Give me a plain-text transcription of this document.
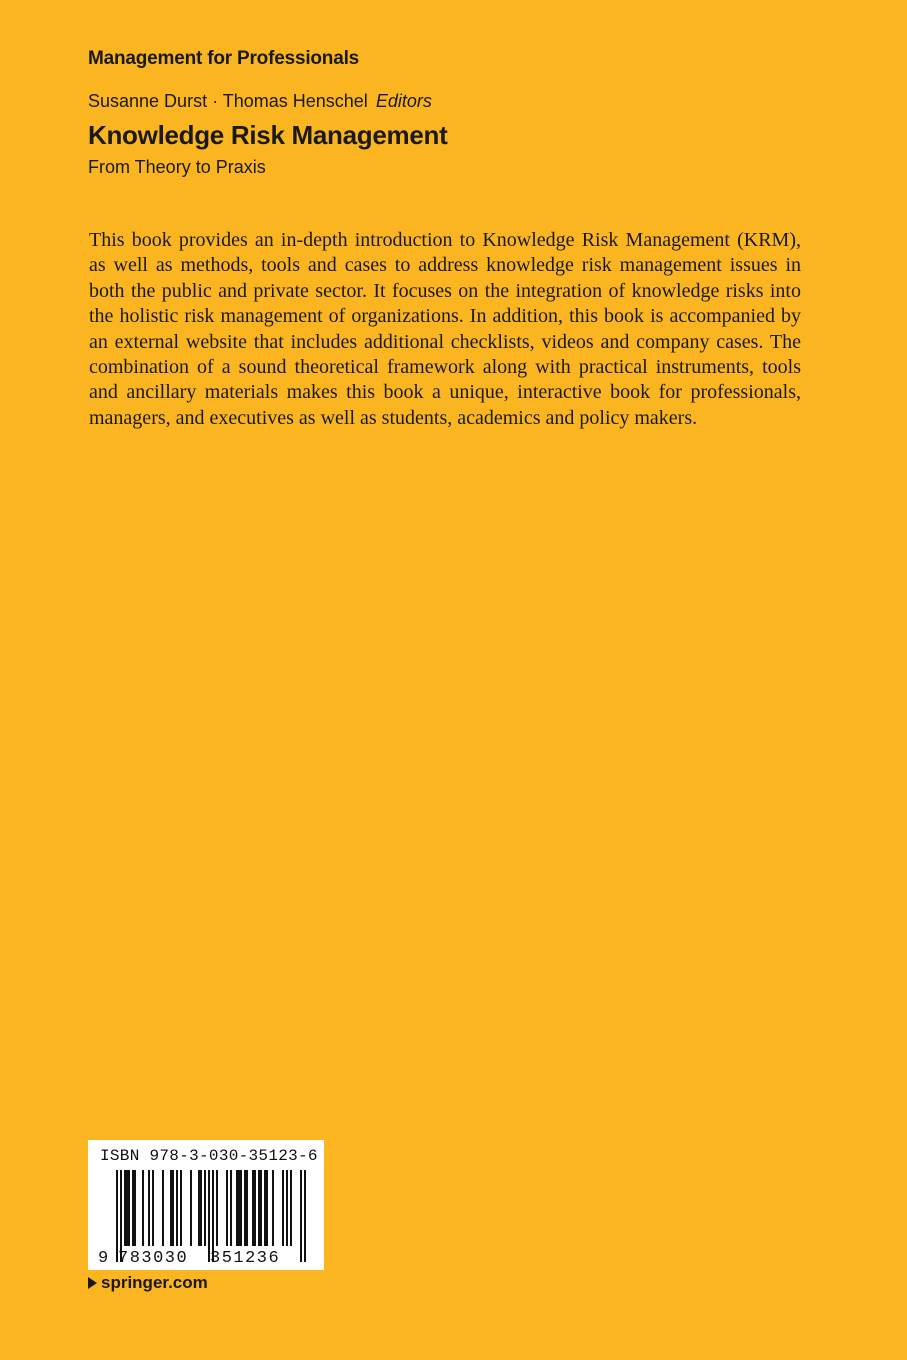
Management for Professionals
Susanne Durst · Thomas Henschel Editors
Knowledge Risk Management
From Theory to Praxis
This book provides an in-depth introduction to Knowledge Risk Management (KRM), as well as methods, tools and cases to address knowledge risk management issues in both the public and private sector. It focuses on the integration of knowledge risks into the holistic risk management of organizations. In addition, this book is accompanied by an external website that includes additional checklists, videos and company cases. The combination of a sound theoretical framework along with practical instruments, tools and ancillary materials makes this book a unique, interactive book for professionals, managers, and executives as well as students, academics and policy makers.
9 783030 351236
ISBN 978-3-030-35123-6
springer.com
